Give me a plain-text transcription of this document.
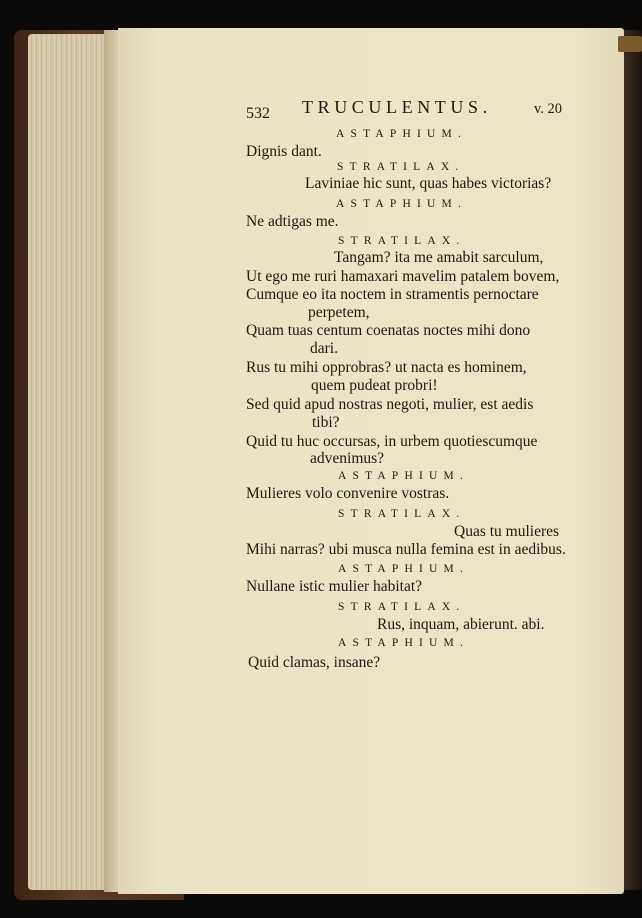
532 TRUCULENTUS.	v. 20
ASTAPHIUM.
Dignis dant.
STRATILAX.
Laviniae hic sunt, quas habes victorias?
ASTAPHIUM.
Ne adtigas me.
STRATILAX.
Tangam? ita me amabit sarculum,
Ut ego me ruri hamaxari mavelim patalem bovem,
Cumque eo ita noctem in stramentis pernoctare
perpetem,
Quam tuas centum coenatas noctes mihi dono
dari.
Rus tu mihi opprobras? ut nacta es hominem,
quem pudeat probri!
Sed quid apud nostras negoti, mulier, est aedis
tibi?
Quid tu huc occursas, in urbem quotiescumque
advenimus?
ASTAPHIUM.
Mulieres volo convenire vostras.
STRATILAX.
Quas tu mulieres
Mihi narras? ubi musca nulla femina est in aedibus.
ASTAPHIUM.
Nullane istic mulier habitat?
STRATILAX.
Rus, inquam, abierunt. abi.
ASTAPHIUM.
Quid clamas, insane?
